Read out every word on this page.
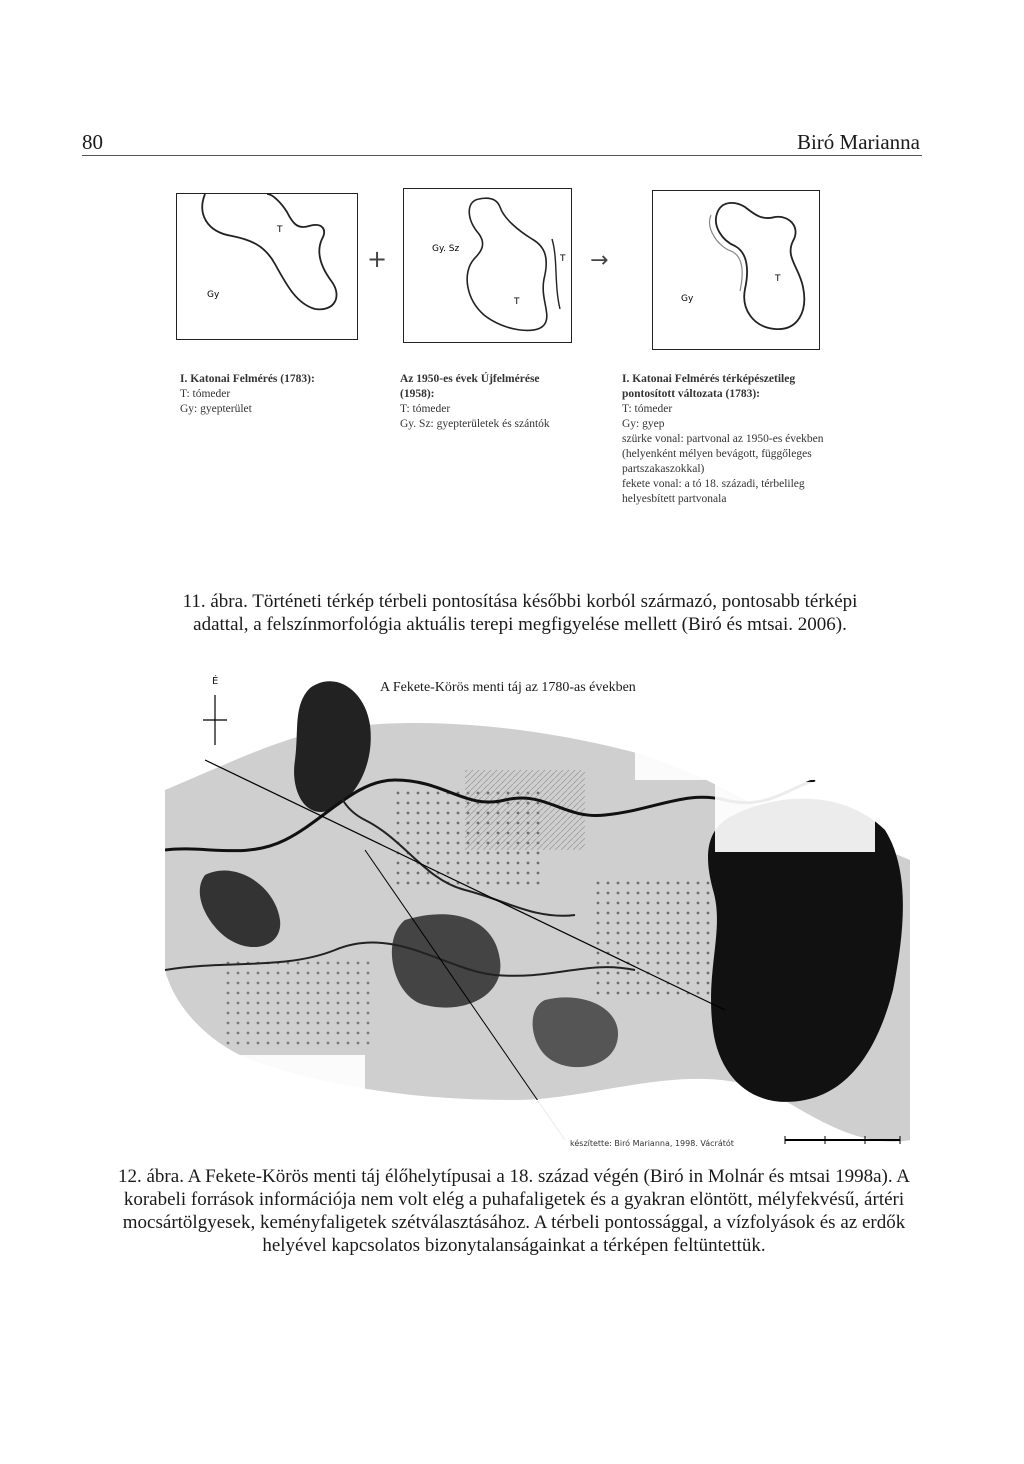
80	Biró Marianna
T
Gy
+	Gy. Sz
T
T
→
T
Gy
I. Katonai Felmérés (1783):
T: tómeder
Gy: gyepterület
Az 1950-es évek Újfelmérése (1958):
T: tómeder
Gy. Sz: gyepterületek és szántók
I. Katonai Felmérés térképészetileg pontosított változata (1783):
T: tómeder
Gy: gyep
szürke vonal: partvonal az 1950-es években (helyenként mélyen bevágott, függőleges partszakaszokkal)
fekete vonal: a tó 18. századi, térbelileg helyesbített partvonala
11. ábra. Történeti térkép térbeli pontosítása későbbi korból származó, pontosabb térképi adattal, a felszínmorfológia aktuális terepi megfigyelése mellett (Biró és mtsai. 2006).
A Fekete-Körös menti táj az 1780-as években
É
készítette: Biró Marianna, 1998. Vácrátót
12. ábra. A Fekete-Körös menti táj élőhelytípusai a 18. század végén (Biró in Molnár és mtsai 1998a). A korabeli források információja nem volt elég a puhafaligetek és a gyakran elöntött, mélyfekvésű, ártéri mocsártölgyesek, keményfaligetek szétválasztásához. A térbeli pontossággal, a vízfolyások és az erdők helyével kapcsolatos bizonytalanságainkat a térképen feltüntettük.
